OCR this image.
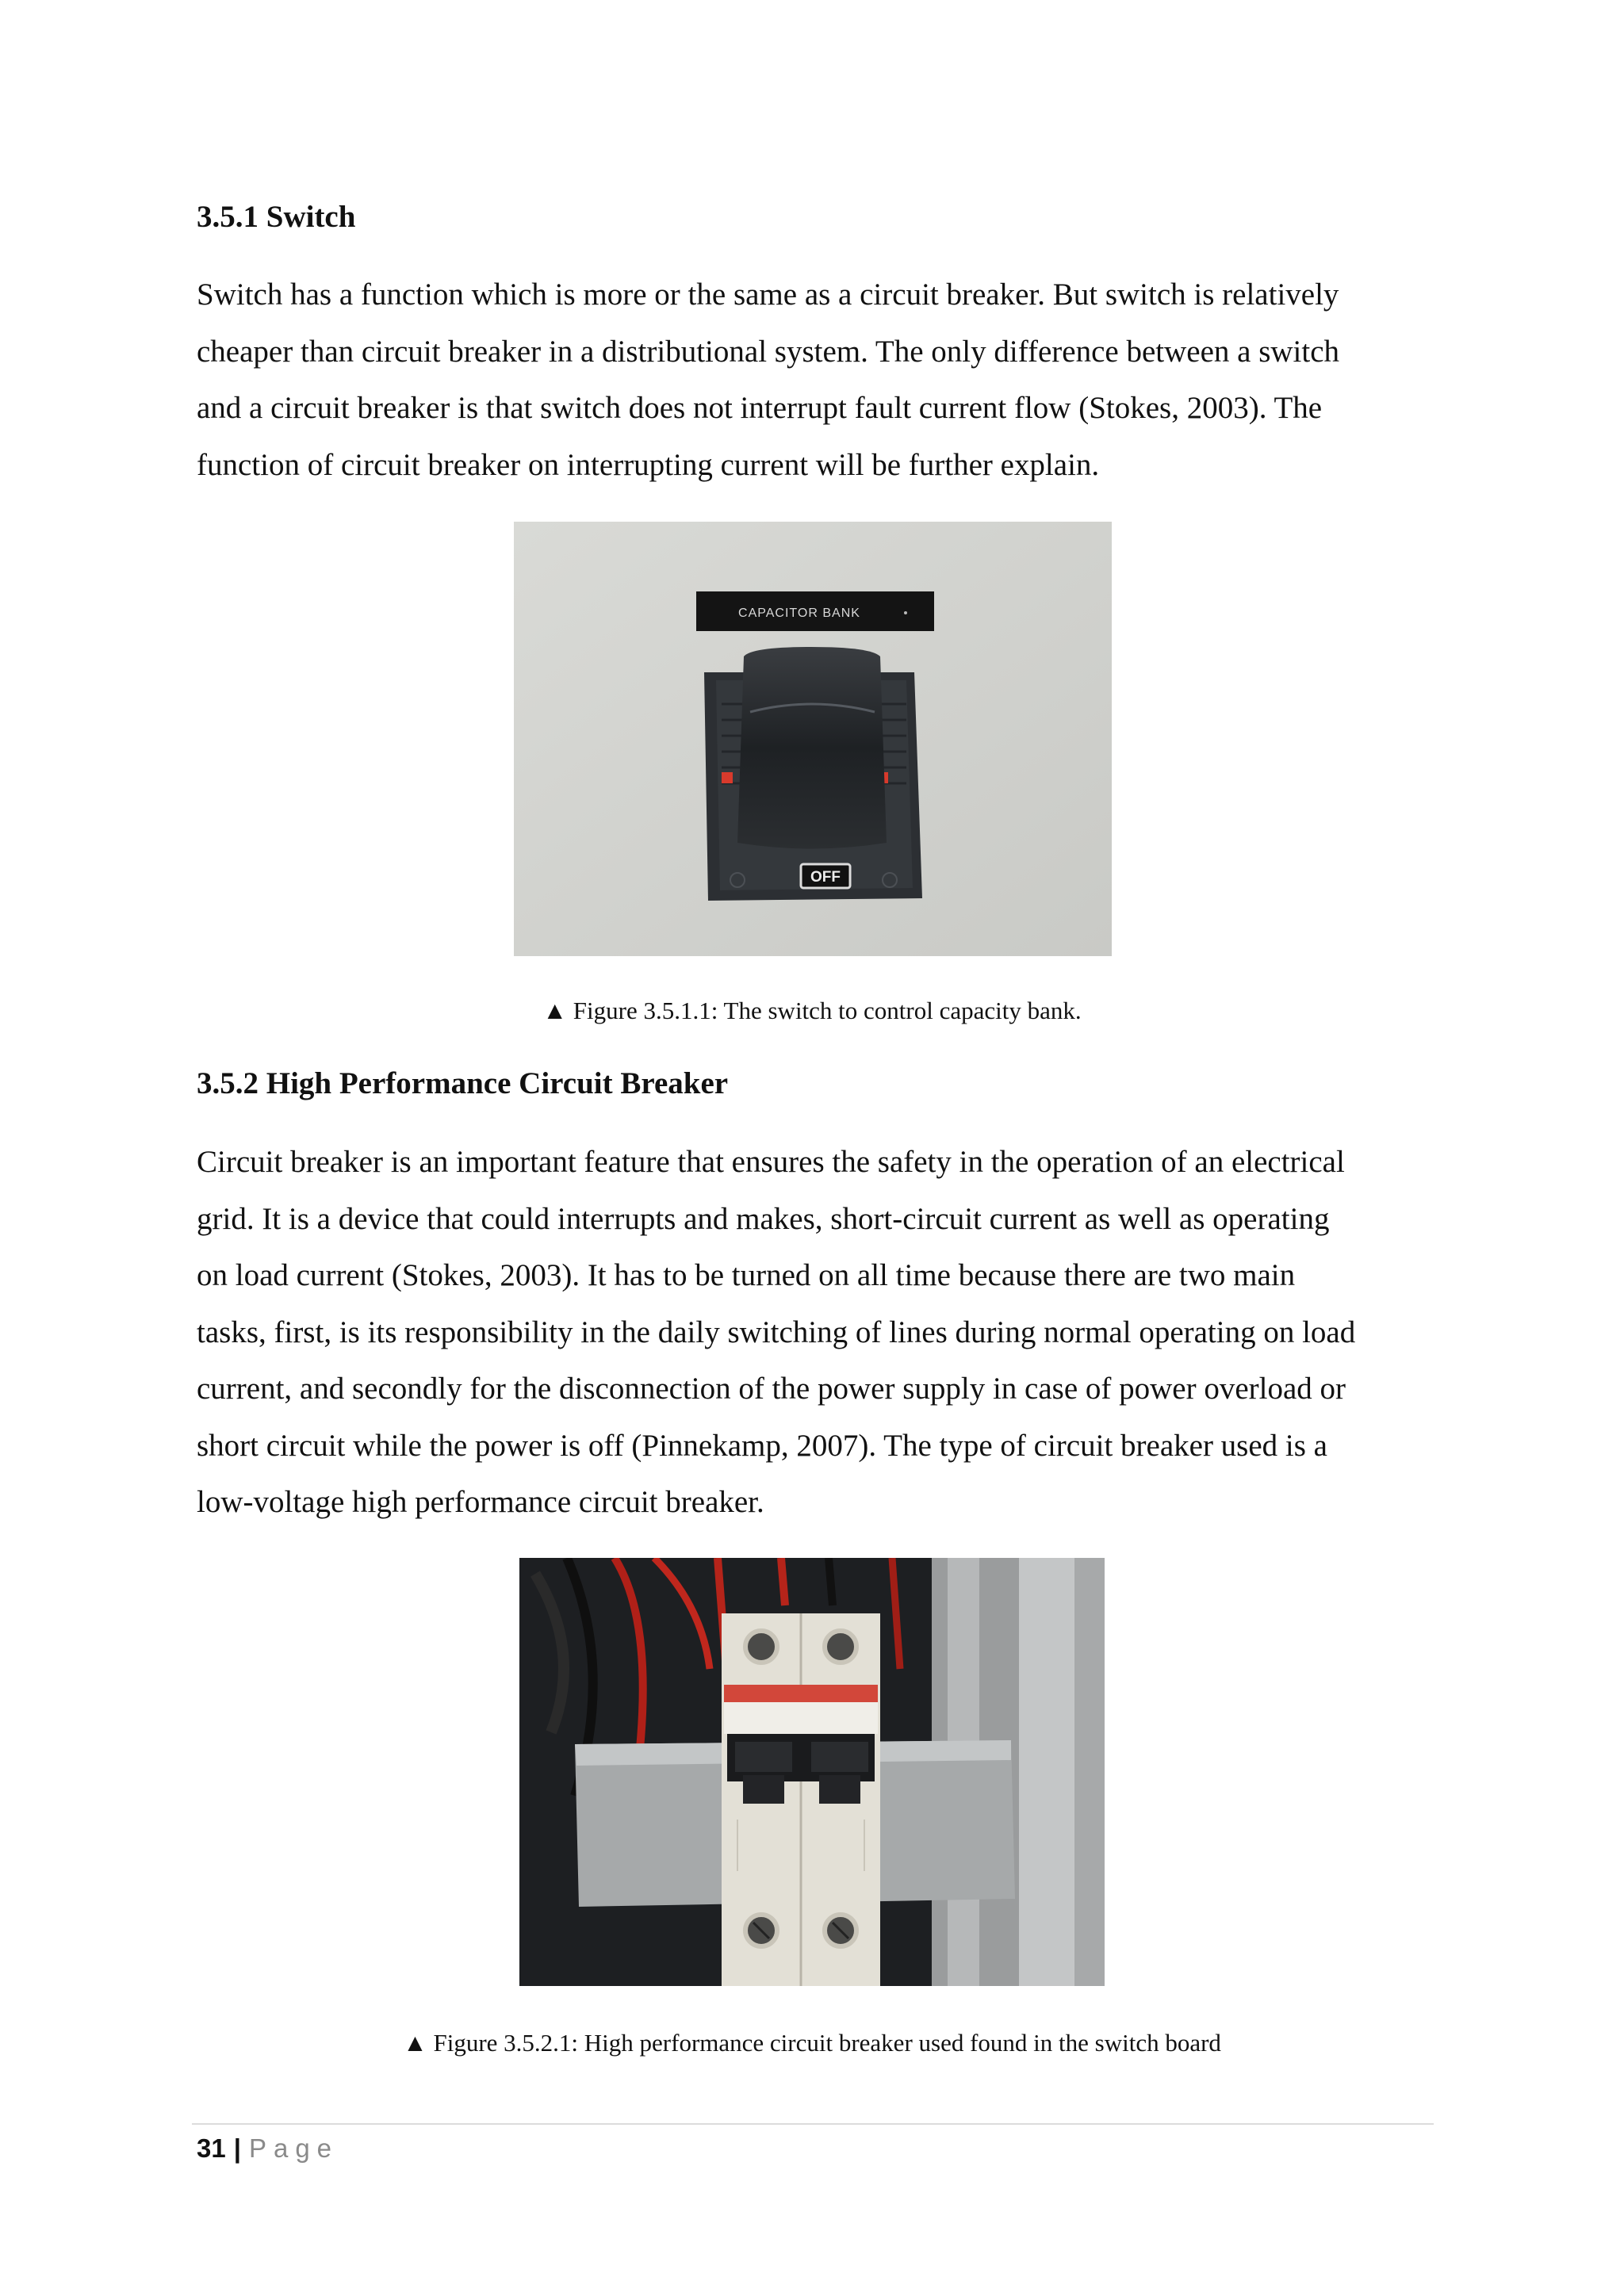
3.5.1 Switch
Switch has a function which is more or the same as a circuit breaker. But switch is relatively
cheaper than circuit breaker in a distributional system. The only difference between a switch
and a circuit breaker is that switch does not interrupt fault current flow (Stokes, 2003). The
function of circuit breaker on interrupting current will be further explain.
CAPACITOR BANK
OFF

▲ Figure 3.5.1.1: The switch to control capacity bank.

3.5.2 High Performance Circuit Breaker
Circuit breaker is an important feature that ensures the safety in the operation of an electrical
grid. It is a device that could interrupts and makes, short-circuit current as well as operating
on load current (Stokes, 2003). It has to be turned on all time because there are two main
tasks, first, is its responsibility in the daily switching of lines during normal operating on load
current, and secondly for the disconnection of the power supply in case of power overload or
short circuit while the power is off (Pinnekamp, 2007). The type of circuit breaker used is a
low-voltage high performance circuit breaker.

▲ Figure 3.5.2.1: High performance circuit breaker used found in the switch board

31 | Page
